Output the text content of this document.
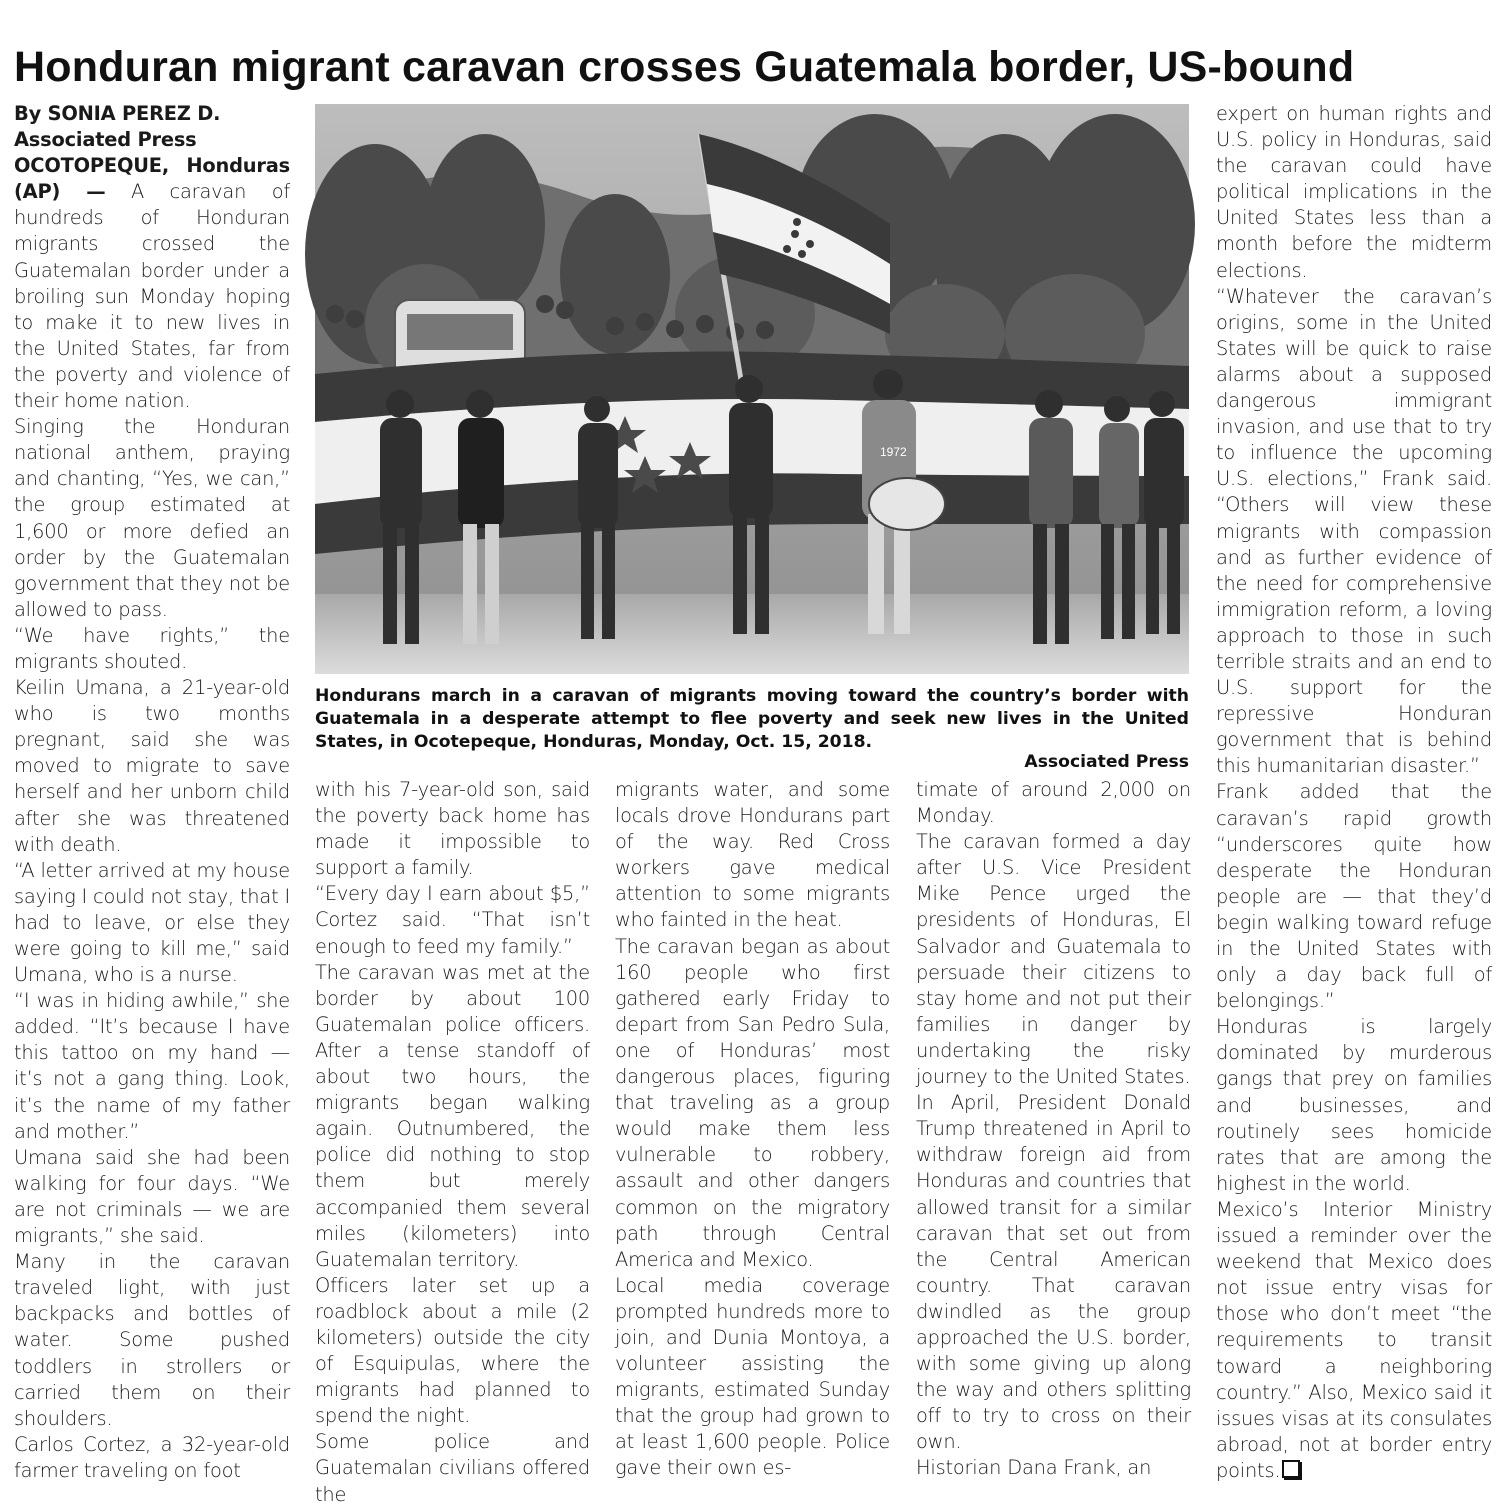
Honduran migrant caravan crosses Guatemala border, US-bound

By SONIA PEREZ D.

Associated Press

OCOTOPEQUE, Honduras (AP) — A caravan of hundreds of Honduran migrants crossed the Guatemalan border under a broiling sun Monday hoping to make it to new lives in the United States, far from the poverty and violence of their home nation.

Singing the Honduran national anthem, praying and chanting, “Yes, we can,” the group estimated at 1,600 or more defied an order by the Guatemalan government that they not be allowed to pass.

“We have rights,” the migrants shouted.

Keilin Umana, a 21-year-old who is two months pregnant, said she was moved to migrate to save herself and her unborn child after she was threatened with death.

“A letter arrived at my house saying I could not stay, that I had to leave, or else they were going to kill me,” said Umana, who is a nurse.

“I was in hiding awhile,” she added. “It’s because I have this tattoo on my hand — it’s not a gang thing. Look, it’s the name of my father and mother.”

Umana said she had been walking for four days. “We are not criminals — we are migrants,” she said.

Many in the caravan traveled light, with just backpacks and bottles of water. Some pushed toddlers in strollers or carried them on their shoulders.

Carlos Cortez, a 32-year-old farmer traveling on foot

1972
Hondurans march in a caravan of migrants moving toward the country’s border with Guatemala in a desperate attempt to flee poverty and seek new lives in the United States, in Ocotepeque, Honduras, Monday, Oct. 15, 2018.
Associated Press

with his 7-year-old son, said the poverty back home has made it impossible to support a family.

“Every day I earn about $5,” Cortez said. “That isn’t enough to feed my family.”

The caravan was met at the border by about 100 Guatemalan police officers. After a tense standoff of about two hours, the migrants began walking again. Outnumbered, the police did nothing to stop them but merely accompanied them several miles (kilometers) into Guatemalan territory.

Officers later set up a roadblock about a mile (2 kilometers) outside the city of Esquipulas, where the migrants had planned to spend the night.

Some police and Guatemalan civilians offered the

migrants water, and some locals drove Hondurans part of the way. Red Cross workers gave medical attention to some migrants who fainted in the heat.

The caravan began as about 160 people who first gathered early Friday to depart from San Pedro Sula, one of Honduras’ most dangerous places, figuring that traveling as a group would make them less vulnerable to robbery, assault and other dangers common on the migratory path through Central America and Mexico.

Local media coverage prompted hundreds more to join, and Dunia Montoya, a volunteer assisting the migrants, estimated Sunday that the group had grown to at least 1,600 people. Police gave their own es-

timate of around 2,000 on Monday.

The caravan formed a day after U.S. Vice President Mike Pence urged the presidents of Honduras, El Salvador and Guatemala to persuade their citizens to stay home and not put their families in danger by undertaking the risky journey to the United States.

In April, President Donald Trump threatened in April to withdraw foreign aid from Honduras and countries that allowed transit for a similar caravan that set out from the Central American country. That caravan dwindled as the group approached the U.S. border, with some giving up along the way and others splitting off to try to cross on their own.

Historian Dana Frank, an

expert on human rights and U.S. policy in Honduras, said the caravan could have political implications in the United States less than a month before the midterm elections.

“Whatever the caravan’s origins, some in the United States will be quick to raise alarms about a supposed dangerous immigrant invasion, and use that to try to influence the upcoming U.S. elections,” Frank said. “Others will view these migrants with compassion and as further evidence of the need for comprehensive immigration reform, a loving approach to those in such terrible straits and an end to U.S. support for the repressive Honduran government that is behind this humanitarian disaster.”

Frank added that the caravan’s rapid growth “underscores quite how desperate the Honduran people are — that they’d begin walking toward refuge in the United States with only a day back full of belongings.”

Honduras is largely dominated by murderous gangs that prey on families and businesses, and routinely sees homicide rates that are among the highest in the world.

Mexico’s Interior Ministry issued a reminder over the weekend that Mexico does not issue entry visas for those who don’t meet “the requirements to transit toward a neighboring country.” Also, Mexico said it issues visas at its consulates abroad, not at border entry points.
